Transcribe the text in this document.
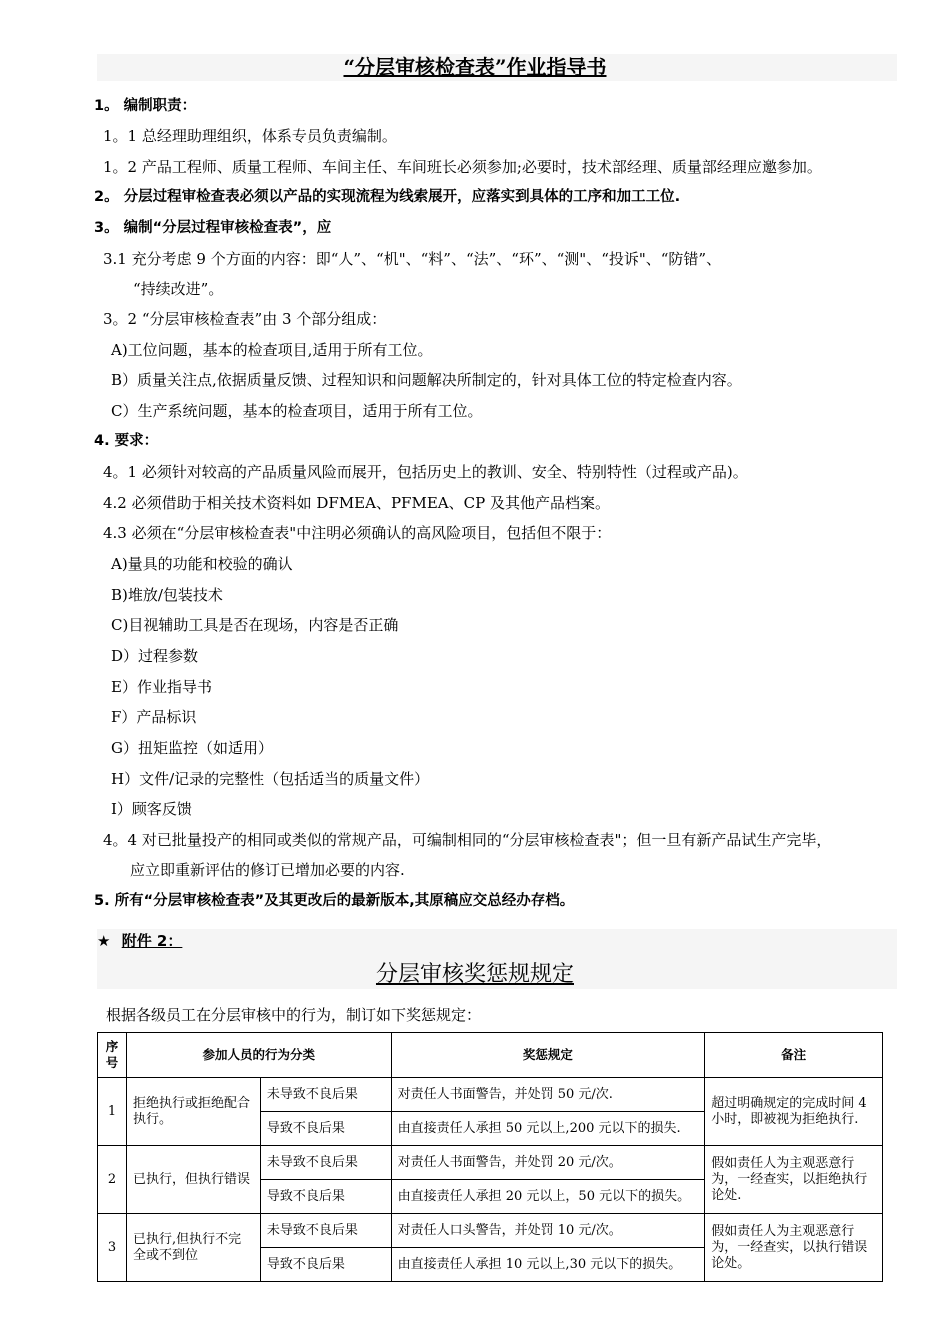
“分层审核检查表”作业指导书
1。 编制职责：
1。1 总经理助理组织，体系专员负责编制。
1。2 产品工程师、质量工程师、车间主任、车间班长必须参加;必要时，技术部经理、质量部经理应邀参加。
2。 分层过程审检查表必须以产品的实现流程为线索展开，应落实到具体的工序和加工工位.
3。 编制“分层过程审核检查表”，应
3.1 充分考虑 9 个方面的内容：即“人”、“机"、“料”、“法”、“环”、“测"、“投诉"、“防错”、
“持续改进”。
3。2 “分层审核检查表”由 3 个部分组成：
A)工位问题，基本的检查项目,适用于所有工位。
B）质量关注点,依据质量反馈、过程知识和问题解决所制定的，针对具体工位的特定检查内容。
C）生产系统问题，基本的检查项目，适用于所有工位。
4. 要求：
4。1 必须针对较高的产品质量风险而展开，包括历史上的教训、安全、特别特性（过程或产品)。
4.2 必须借助于相关技术资料如 DFMEA、PFMEA、CP 及其他产品档案。
4.3 必须在“分层审核检查表"中注明必须确认的高风险项目，包括但不限于：
A)量具的功能和校验的确认
B)堆放/包装技术
C)目视辅助工具是否在现场，内容是否正确
D）过程参数
E）作业指导书
F）产品标识
G）扭矩监控（如适用）
H）文件/记录的完整性（包括适当的质量文件）
I）顾客反馈
4。4 对已批量投产的相同或类似的常规产品，可编制相同的“分层审核检查表"；但一旦有新产品试生产完毕，
应立即重新评估的修订已增加必要的内容.
5. 所有“分层审核检查表”及其更改后的最新版本,其原稿应交总经办存档。
★ 附件 2：
分层审核奖惩规规定
根据各级员工在分层审核中的行为，制订如下奖惩规定：
序号	参加人员的行为分类		奖惩规定	备注
1	拒绝执行或拒绝配合执行。	未导致不良后果	对责任人书面警告，并处罚 50 元/次.	超过明确规定的完成时间 4 小时，即被视为拒绝执行.
		导致不良后果	由直接责任人承担 50 元以上,200 元以下的损失.	
2	已执行，但执行错误	未导致不良后果	对责任人书面警告，并处罚 20 元/次。	假如责任人为主观恶意行为，一经查实，以拒绝执行论处.
		导致不良后果	由直接责任人承担 20 元以上，50 元以下的损失。	
3	已执行,但执行不完全或不到位	未导致不良后果	对责任人口头警告，并处罚 10 元/次。	假如责任人为主观恶意行为，一经查实，以执行错误论处。
		导致不良后果	由直接责任人承担 10 元以上,30 元以下的损失。	
